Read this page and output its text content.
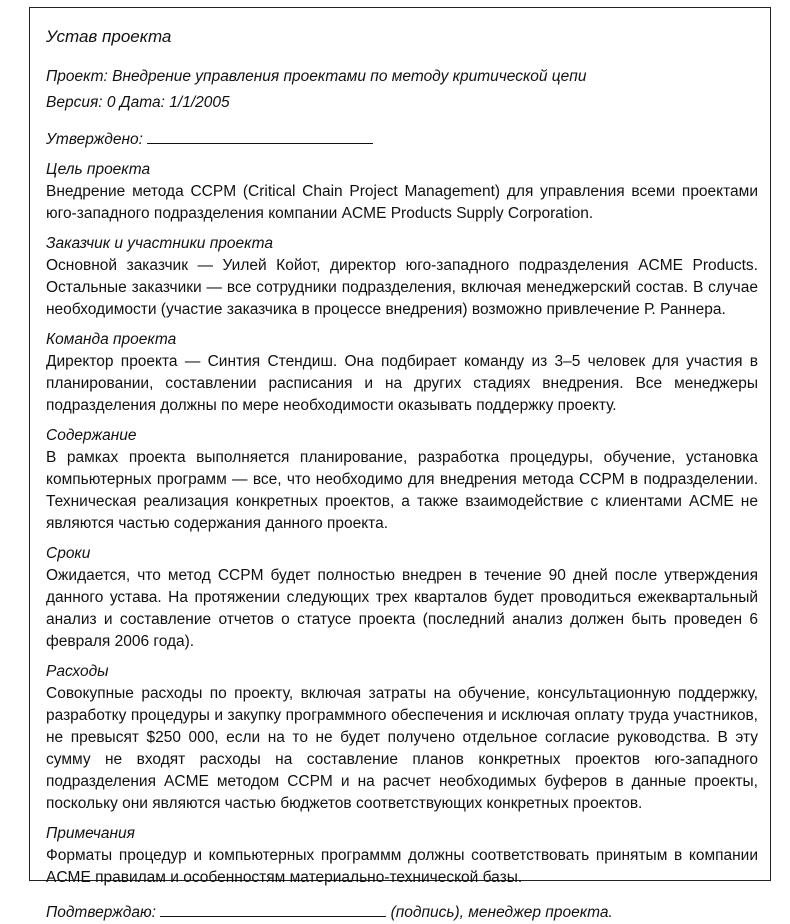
Устав проекта
Проект: Внедрение управления проектами по методу критической цепи
Версия: 0 Дата: 1/1/2005
Утверждено:
Цель проекта
Внедрение метода CCPM (Critical Chain Project Management) для управления всеми проектами юго-западного подразделения компании ACME Products Supply Corporation.
Заказчик и участники проекта
Основной заказчик — Уилей Койот, директор юго-западного подразделения ACME Products. Остальные заказчики — все сотрудники подразделения, включая менеджерский состав. В случае необходимости (участие заказчика в процессе внедрения) возможно привлечение Р. Раннера.
Команда проекта
Директор проекта — Синтия Стендиш. Она подбирает команду из 3–5 человек для участия в планировании, составлении расписания и на других стадиях внедрения. Все менеджеры подразделения должны по мере необходимости оказывать поддержку проекту.
Содержание
В рамках проекта выполняется планирование, разработка процедуры, обучение, установка компьютерных программ — все, что необходимо для внедрения метода CCPM в подразделении. Техническая реализация конкретных проектов, а также взаимодействие с клиентами ACME не являются частью содержания данного проекта.
Сроки
Ожидается, что метод CCPM будет полностью внедрен в течение 90 дней после утверждения данного устава. На протяжении следующих трех кварталов будет проводиться ежеквартальный анализ и составление отчетов о статусе проекта (последний анализ должен быть проведен 6 февраля 2006 года).
Расходы
Совокупные расходы по проекту, включая затраты на обучение, консультационную поддержку, разработку процедуры и закупку программного обеспечения и исключая оплату труда участников, не превысят $250 000, если на то не будет получено отдельное согласие руководства. В эту сумму не входят расходы на составление планов конкретных проектов юго-западного подразделения ACME методом CCPM и на расчет необходимых буферов в данные проекты, поскольку они являются частью бюджетов соответствующих конкретных проектов.
Примечания
Форматы процедур и компьютерных программм должны соответствовать принятым в компании ACME правилам и особенностям материально-технической базы.
Подтверждаю:	(подпись), менеджер проекта.
